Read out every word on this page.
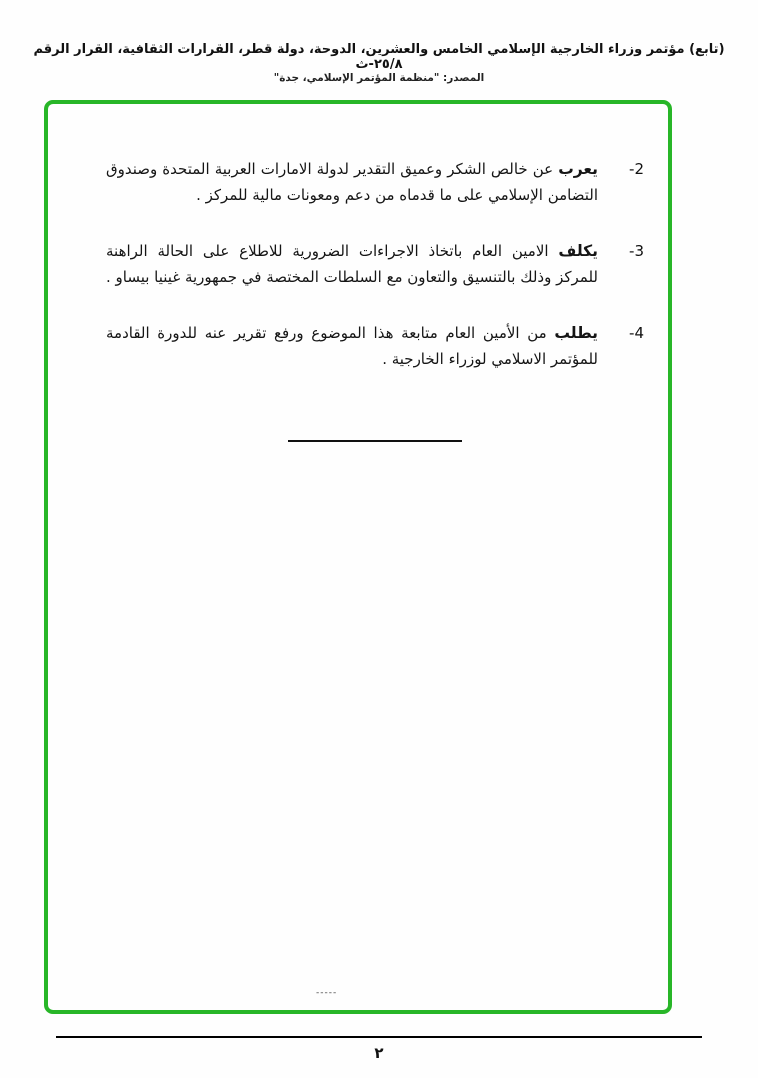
(تابع) مؤتمر وزراء الخارجية الإسلامي الخامس والعشرين، الدوحة، دولة قطر، القرارات الثقافية، القرار الرقم ٢٥/٨-ث
المصدر: "منظمة المؤتمر الإسلامي، جدة"
2-
يعرب عن خالص الشكر وعميق التقدير لدولة الامارات العربية المتحدة وصندوق التضامن الإسلامي على ما قدماه من دعم ومعونات مالية للمركز .
3-
يكلف الامين العام باتخاذ الاجراءات الضرورية للاطلاع على الحالة الراهنة للمركز وذلك بالتنسيق والتعاون مع السلطات المختصة في جمهورية غينيا بيساو .
4-
يطلب من الأمين العام متابعة هذا الموضوع ورفع تقرير عنه للدورة القادمة للمؤتمر الاسلامي لوزراء الخارجية .
-----
٢
